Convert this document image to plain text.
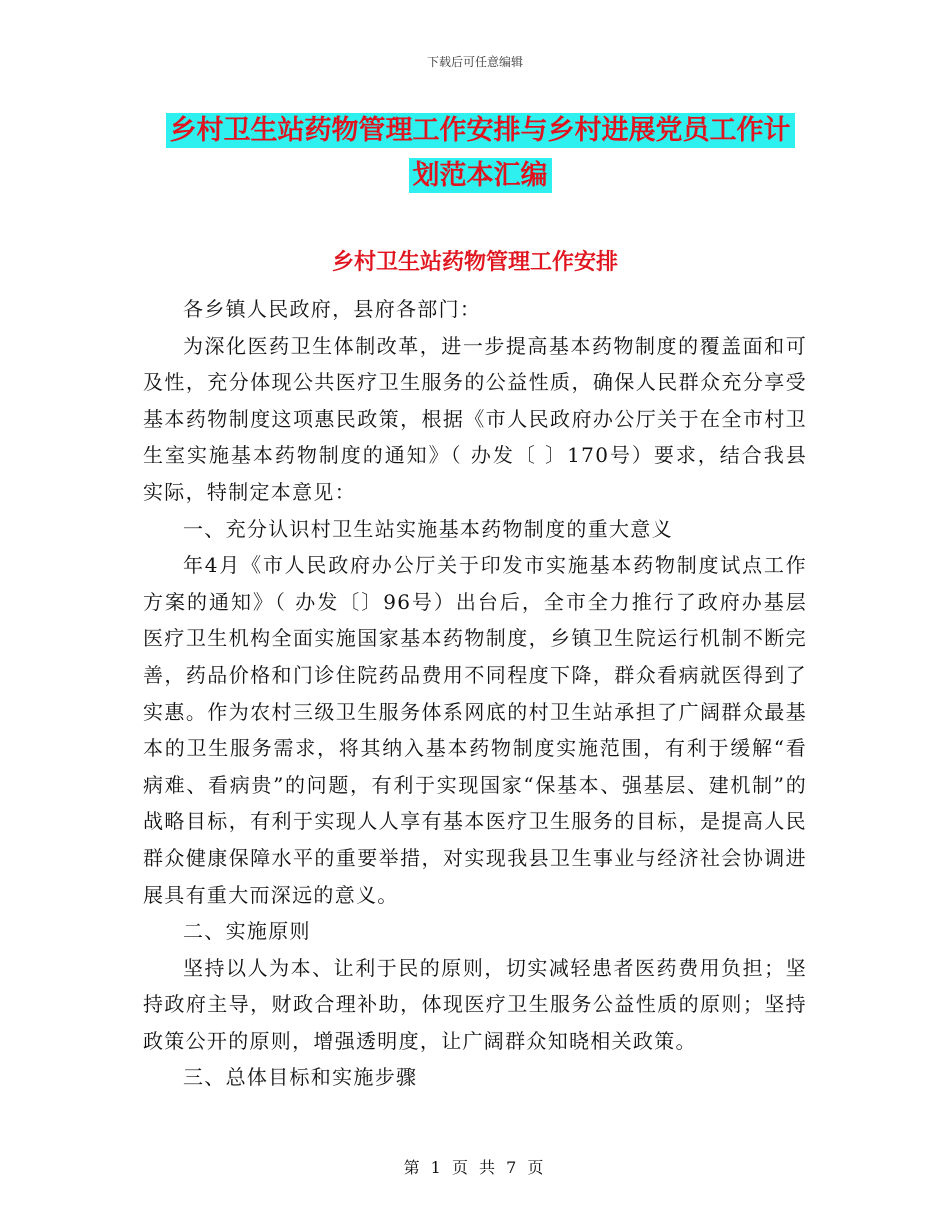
下载后可任意编辑
乡村卫生站药物管理工作安排与乡村进展党员工作计
划范本汇编
乡村卫生站药物管理工作安排

各乡镇人民政府，县府各部门：

为深化医药卫生体制改革，进一步提高基本药物制度的覆盖面和可及性，充分体现公共医疗卫生服务的公益性质，确保人民群众充分享受基本药物制度这项惠民政策，根据《市人民政府办公厅关于在全市村卫生室实施基本药物制度的通知》（ 办发〔 〕170号）要求，结合我县实际，特制定本意见：

一、充分认识村卫生站实施基本药物制度的重大意义

年4月《市人民政府办公厅关于印发市实施基本药物制度试点工作方案的通知》（ 办发〔〕96号）出台后，全市全力推行了政府办基层医疗卫生机构全面实施国家基本药物制度，乡镇卫生院运行机制不断完善，药品价格和门诊住院药品费用不同程度下降，群众看病就医得到了实惠。作为农村三级卫生服务体系网底的村卫生站承担了广阔群众最基本的卫生服务需求，将其纳入基本药物制度实施范围，有利于缓解“看病难、看病贵”的问题，有利于实现国家“保基本、强基层、建机制”的战略目标，有利于实现人人享有基本医疗卫生服务的目标，是提高人民群众健康保障水平的重要举措，对实现我县卫生事业与经济社会协调进展具有重大而深远的意义。

二、实施原则

坚持以人为本、让利于民的原则，切实减轻患者医药费用负担；坚持政府主导，财政合理补助，体现医疗卫生服务公益性质的原则；坚持政策公开的原则，增强透明度，让广阔群众知晓相关政策。

三、总体目标和实施步骤

第 1 页 共 7 页
